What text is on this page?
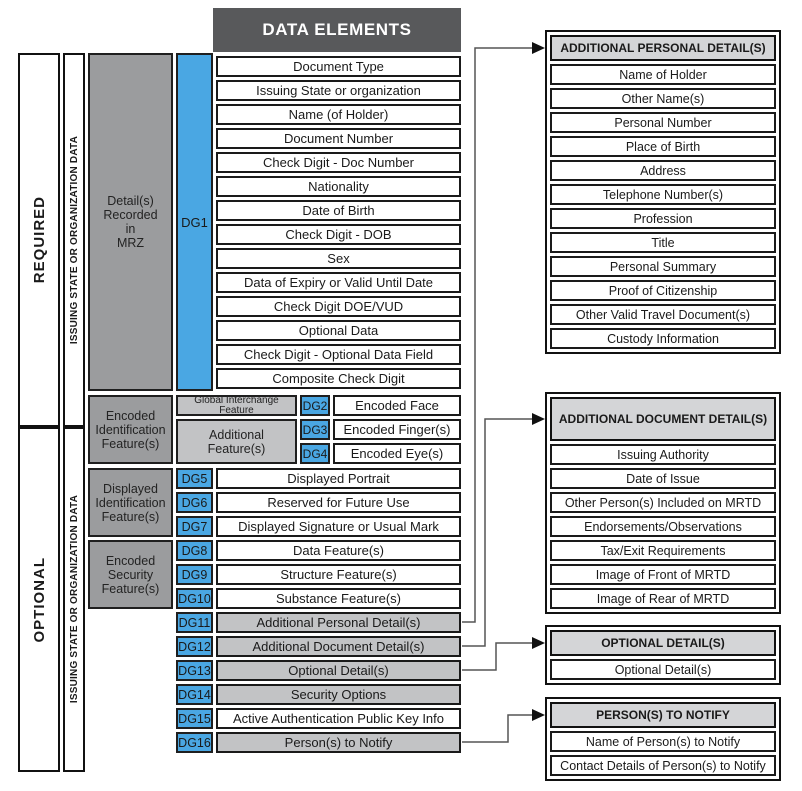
REQUIRED
OPTIONAL
ISSUING STATE OR ORGANIZATION DATA
ISSUING STATE OR ORGANIZATION DATA
Detail(s)
Recorded
in
MRZ
Encoded
Identification
Feature(s)
Displayed
Identification
Feature(s)
Encoded
Security
Feature(s)
Global Interchange
Feature
Additional
Feature(s)
DG1
DATA ELEMENTS
Document Type
Issuing State or organization
Name (of Holder)
Document Number
Check Digit - Doc Number
Nationality
Date of Birth
Check Digit - DOB
Sex
Data of Expiry or Valid Until Date
Check Digit DOE/VUD
Optional Data
Check Digit - Optional Data Field
Composite Check Digit
DG2
DG3
DG4
Encoded Face
Encoded Finger(s)
Encoded Eye(s)
DG5
DG6
DG7
DG8
DG9
DG10
Displayed Portrait
Reserved for Future Use
Displayed Signature or Usual Mark
Data Feature(s)
Structure Feature(s)
Substance Feature(s)
DG11
DG12
DG13
DG14
DG15
DG16
Additional Personal Detail(s)
Additional Document Detail(s)
Optional Detail(s)
Security Options
Active Authentication Public Key Info
Person(s) to Notify
ADDITIONAL PERSONAL DETAIL(S)
Name of Holder
Other Name(s)
Personal Number
Place of Birth
Address
Telephone Number(s)
Profession
Title
Personal Summary
Proof of Citizenship
Other Valid Travel Document(s)
Custody Information
ADDITIONAL DOCUMENT DETAIL(S)
Issuing Authority
Date of Issue
Other Person(s) Included on MRTD
Endorsements/Observations
Tax/Exit Requirements
Image of Front of MRTD
Image of Rear of MRTD
OPTIONAL DETAIL(S)
Optional Detail(s)
PERSON(S) TO NOTIFY
Name of Person(s) to Notify
Contact Details of Person(s) to Notify
